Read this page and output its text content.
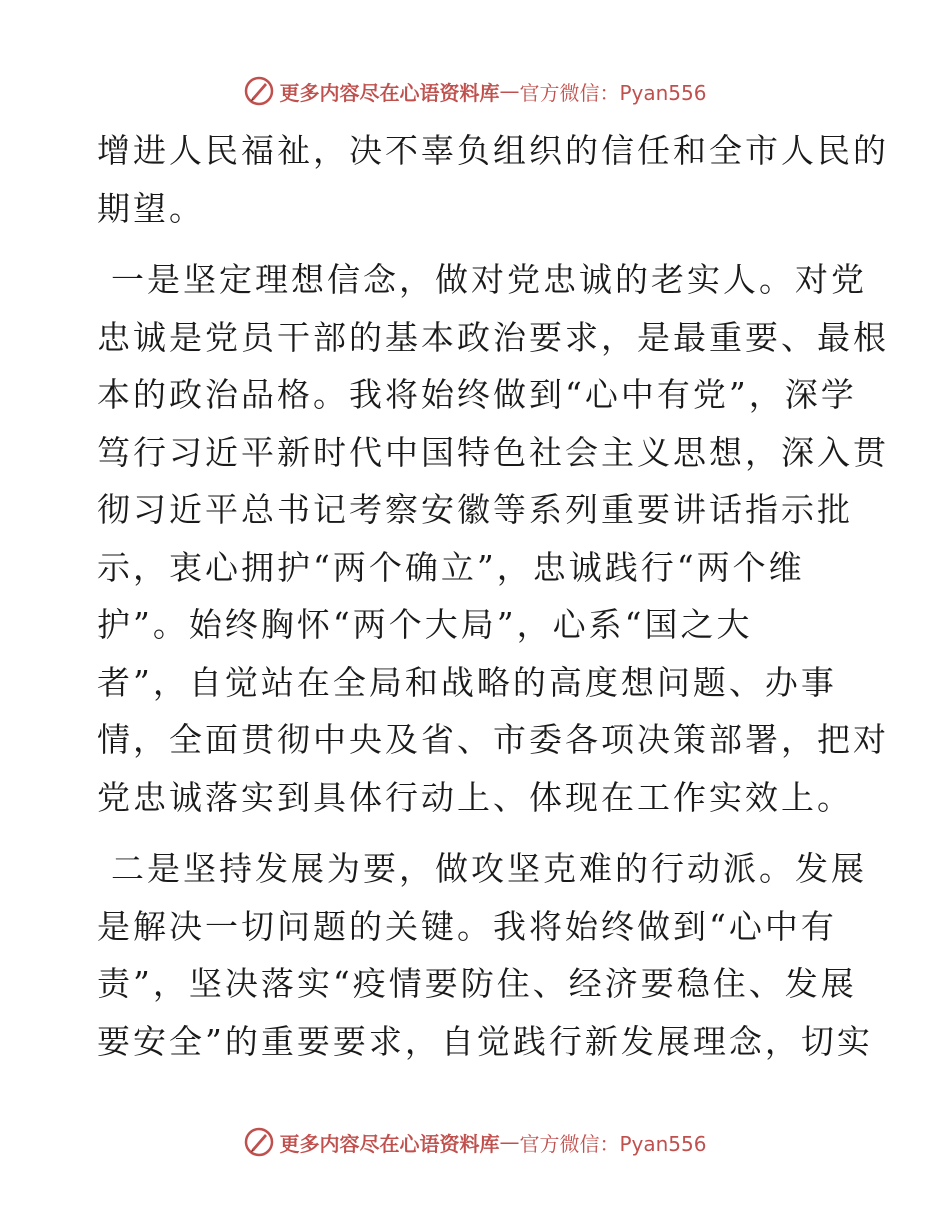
更多内容尽在心语资料库 — 官方微信：Pyan556

增进人民福祉，决不辜负组织的信任和全市人民的
期望。

一是坚定理想信念，做对党忠诚的老实人。对党
忠诚是党员干部的基本政治要求，是最重要、最根
本的政治品格。我将始终做到“心中有党”，深学
笃行习近平新时代中国特色社会主义思想，深入贯
彻习近平总书记考察安徽等系列重要讲话指示批
示，衷心拥护“两个确立”，忠诚践行“两个维
护”。始终胸怀“两个大局”，心系“国之大
者”，自觉站在全局和战略的高度想问题、办事
情，全面贯彻中央及省、市委各项决策部署，把对
党忠诚落实到具体行动上、体现在工作实效上。

二是坚持发展为要，做攻坚克难的行动派。发展
是解决一切问题的关键。我将始终做到“心中有
责”，坚决落实“疫情要防住、经济要稳住、发展
要安全”的重要要求，自觉践行新发展理念，切实

更多内容尽在心语资料库 — 官方微信：Pyan556
